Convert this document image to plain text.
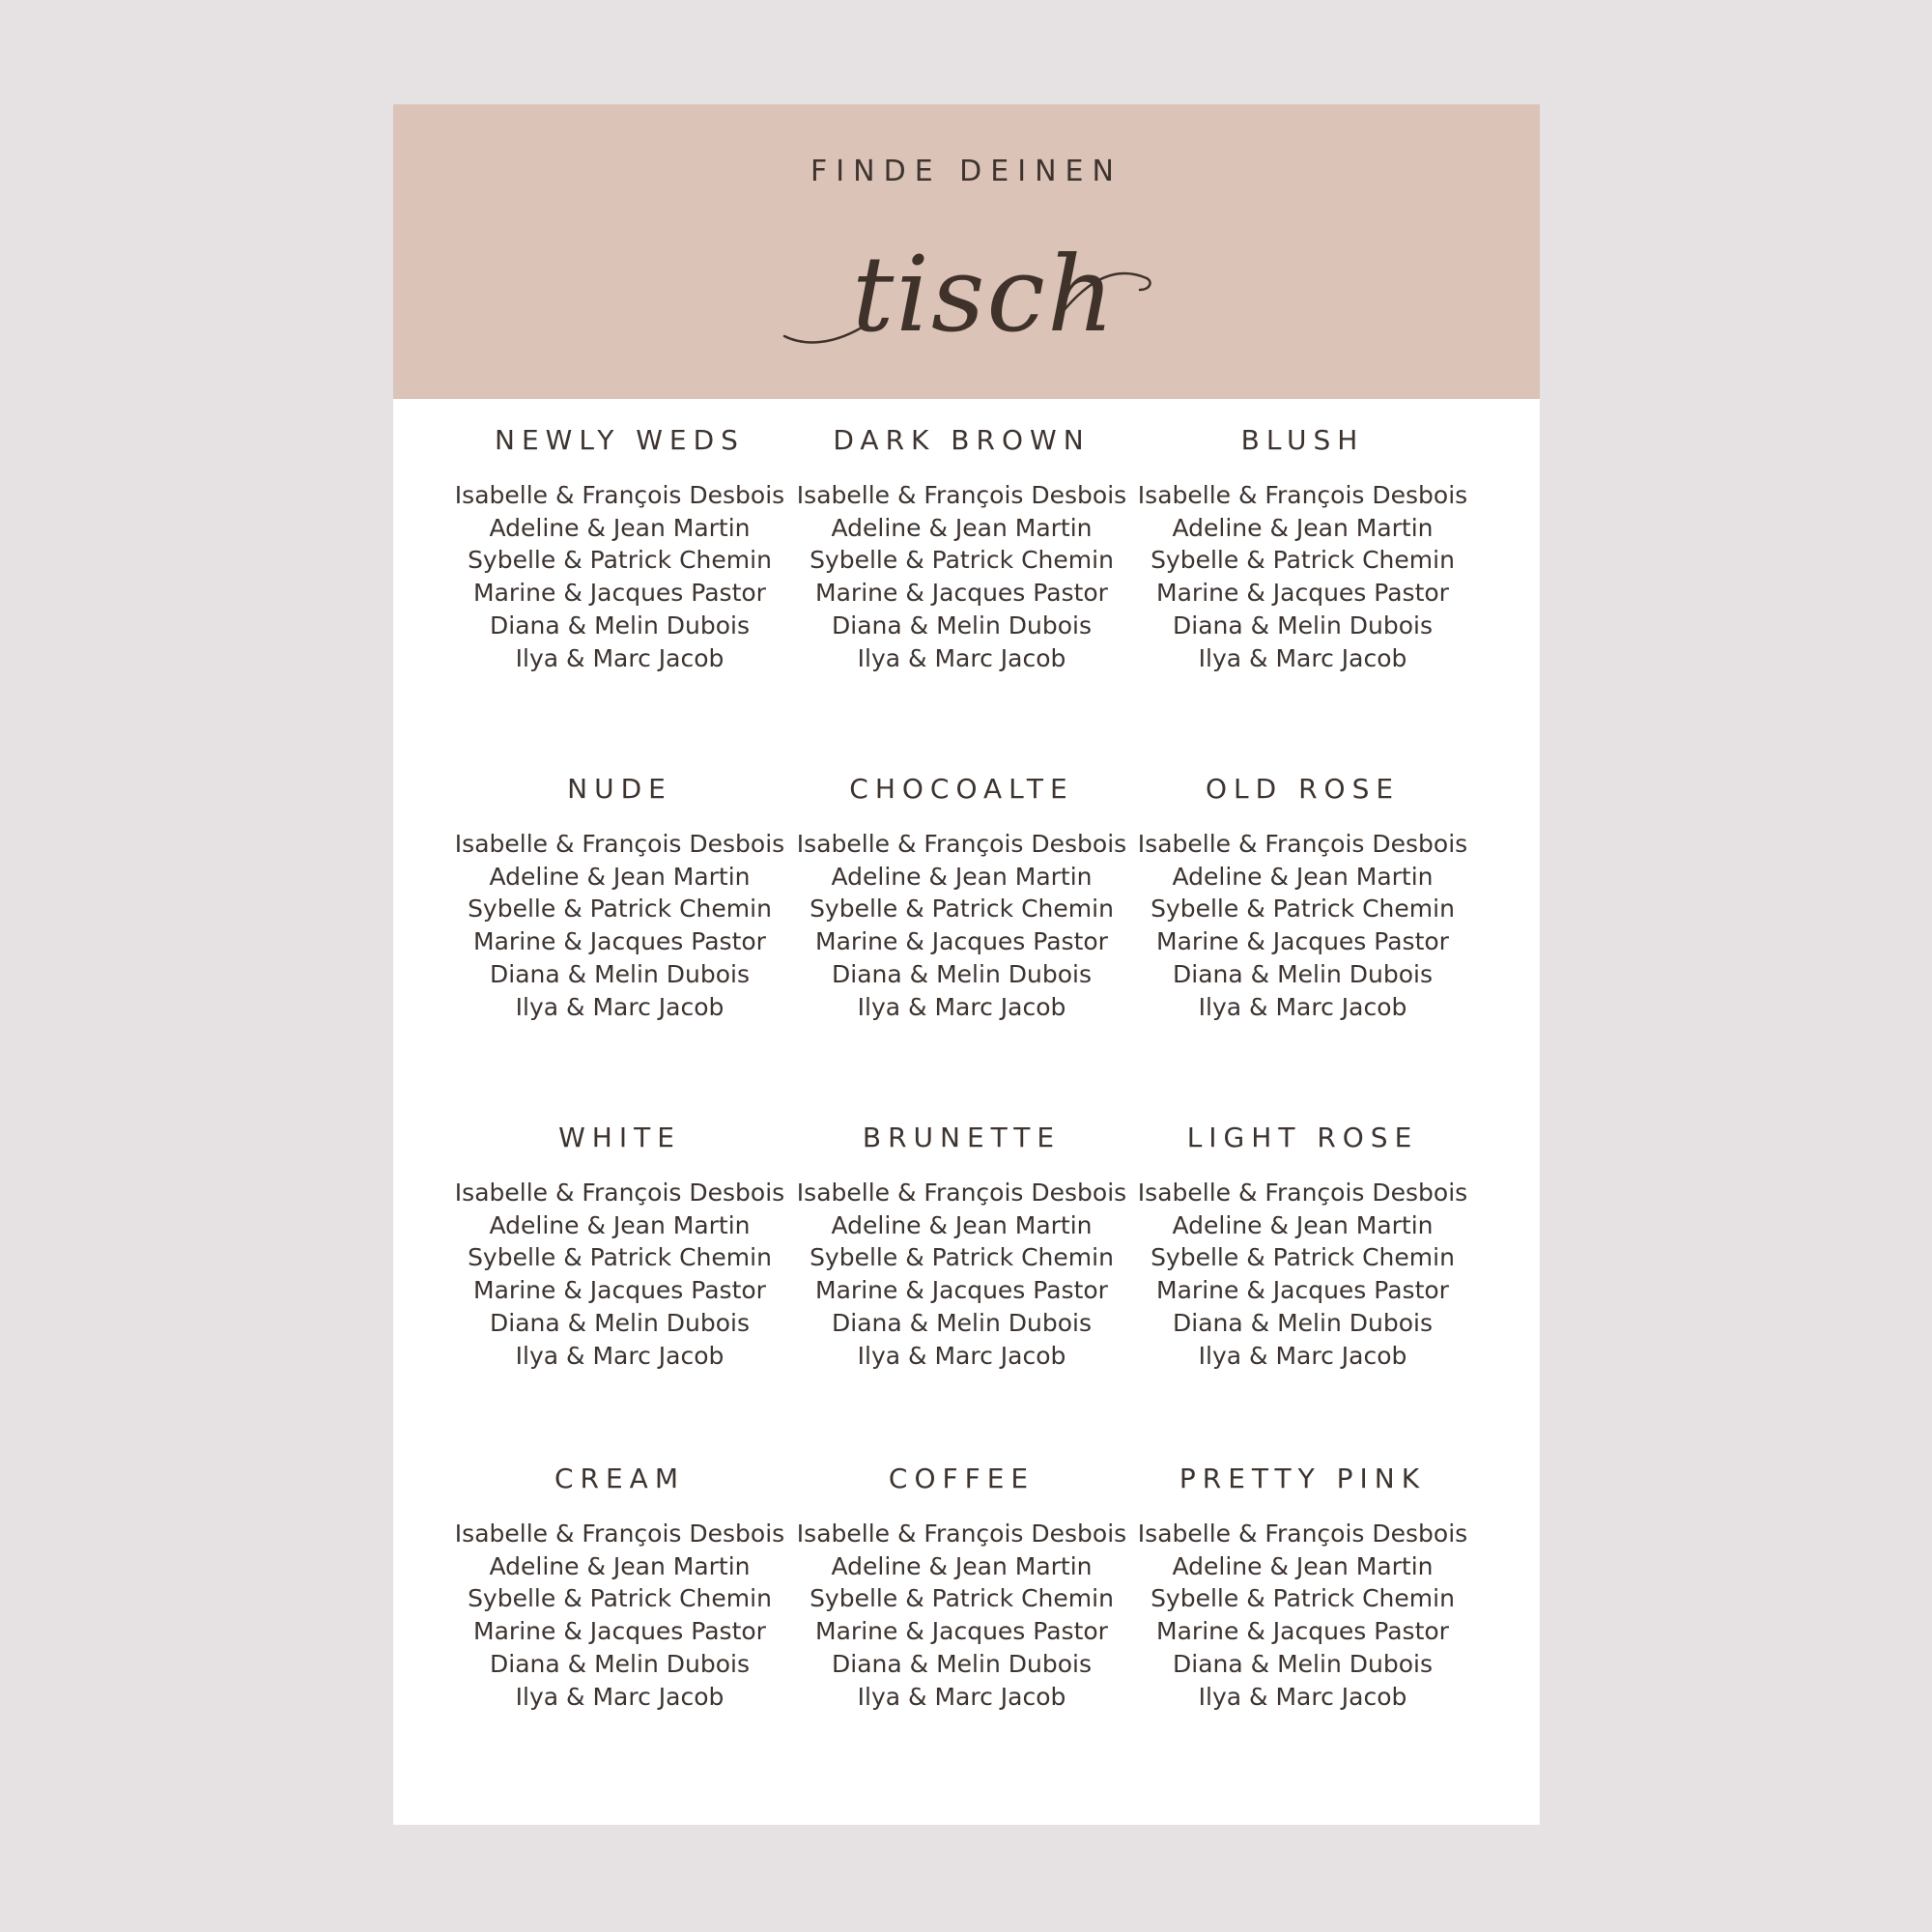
FINDE DEINEN
tisch
NEWLY WEDS
Isabelle & François Desbois
Adeline & Jean Martin
Sybelle & Patrick Chemin
Marine & Jacques Pastor
Diana & Melin Dubois
Ilya & Marc Jacob
DARK BROWN
Isabelle & François Desbois
Adeline & Jean Martin
Sybelle & Patrick Chemin
Marine & Jacques Pastor
Diana & Melin Dubois
Ilya & Marc Jacob
BLUSH
Isabelle & François Desbois
Adeline & Jean Martin
Sybelle & Patrick Chemin
Marine & Jacques Pastor
Diana & Melin Dubois
Ilya & Marc Jacob
NUDE
Isabelle & François Desbois
Adeline & Jean Martin
Sybelle & Patrick Chemin
Marine & Jacques Pastor
Diana & Melin Dubois
Ilya & Marc Jacob
CHOCOALTE
Isabelle & François Desbois
Adeline & Jean Martin
Sybelle & Patrick Chemin
Marine & Jacques Pastor
Diana & Melin Dubois
Ilya & Marc Jacob
OLD ROSE
Isabelle & François Desbois
Adeline & Jean Martin
Sybelle & Patrick Chemin
Marine & Jacques Pastor
Diana & Melin Dubois
Ilya & Marc Jacob
WHITE
Isabelle & François Desbois
Adeline & Jean Martin
Sybelle & Patrick Chemin
Marine & Jacques Pastor
Diana & Melin Dubois
Ilya & Marc Jacob
BRUNETTE
Isabelle & François Desbois
Adeline & Jean Martin
Sybelle & Patrick Chemin
Marine & Jacques Pastor
Diana & Melin Dubois
Ilya & Marc Jacob
LIGHT ROSE
Isabelle & François Desbois
Adeline & Jean Martin
Sybelle & Patrick Chemin
Marine & Jacques Pastor
Diana & Melin Dubois
Ilya & Marc Jacob
CREAM
Isabelle & François Desbois
Adeline & Jean Martin
Sybelle & Patrick Chemin
Marine & Jacques Pastor
Diana & Melin Dubois
Ilya & Marc Jacob
COFFEE
Isabelle & François Desbois
Adeline & Jean Martin
Sybelle & Patrick Chemin
Marine & Jacques Pastor
Diana & Melin Dubois
Ilya & Marc Jacob
PRETTY PINK
Isabelle & François Desbois
Adeline & Jean Martin
Sybelle & Patrick Chemin
Marine & Jacques Pastor
Diana & Melin Dubois
Ilya & Marc Jacob
